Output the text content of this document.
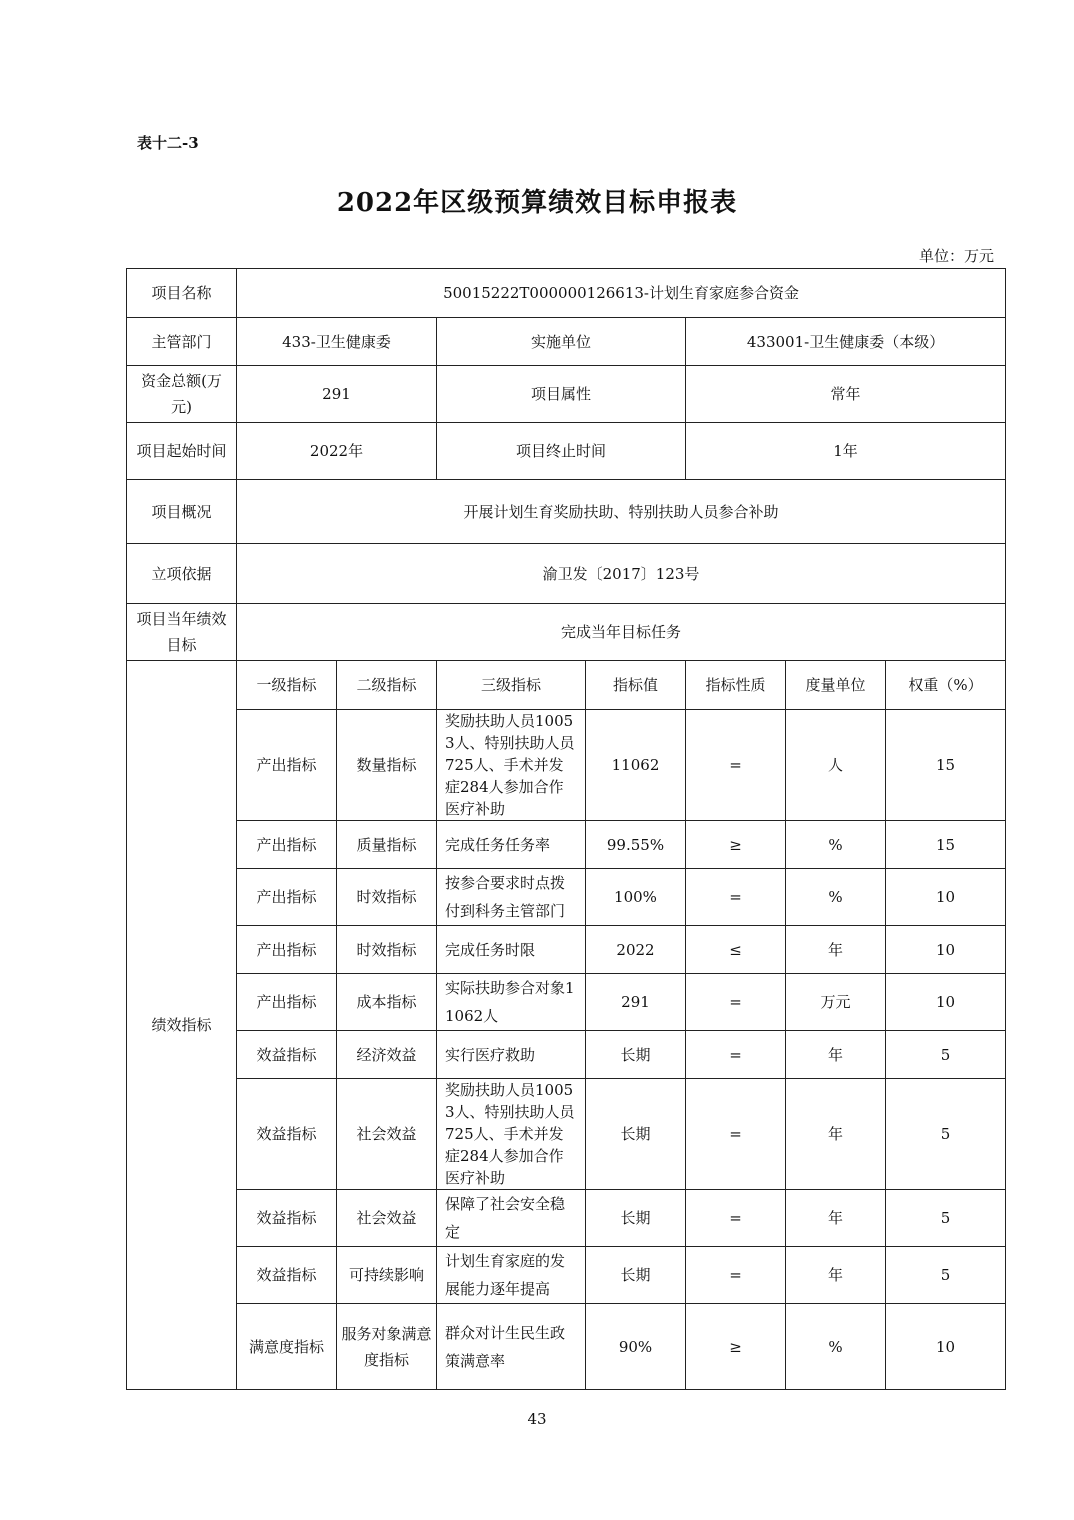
表十二-3
2022年区级预算绩效目标申报表
单位：万元
项目名称	50015222T000000126613-计划生育家庭参合资金						
主管部门	433-卫生健康委		实施单位		433001-卫生健康委（本级）		
资金总额(万元)	291		项目属性		常年		
项目起始时间	2022年		项目终止时间		1年		
项目概况	开展计划生育奖励扶助、特别扶助人员参合补助						
立项依据	渝卫发〔2017〕123号						
项目当年绩效目标	完成当年目标任务						
绩效指标	一级指标	二级指标	三级指标	指标值	指标性质	度量单位	权重（%）
	产出指标	数量指标	奖励扶助人员10053人、特别扶助人员725人、手术并发症284人参加合作医疗补助	11062	=	人	15
	产出指标	质量指标	完成任务任务率	99.55%	≥	%	15
	产出指标	时效指标	按参合要求时点拨付到科务主管部门	100%	=	%	10
	产出指标	时效指标	完成任务时限	2022	≤	年	10
	产出指标	成本指标	实际扶助参合对象11062人	291	=	万元	10
	效益指标	经济效益	实行医疗救助	长期	=	年	5
	效益指标	社会效益	奖励扶助人员10053人、特别扶助人员725人、手术并发症284人参加合作医疗补助	长期	=	年	5
	效益指标	社会效益	保障了社会安全稳定	长期	=	年	5
	效益指标	可持续影响	计划生育家庭的发展能力逐年提高	长期	=	年	5
	满意度指标	服务对象满意度指标	群众对计生民生政策满意率	90%	≥	%	10
43
